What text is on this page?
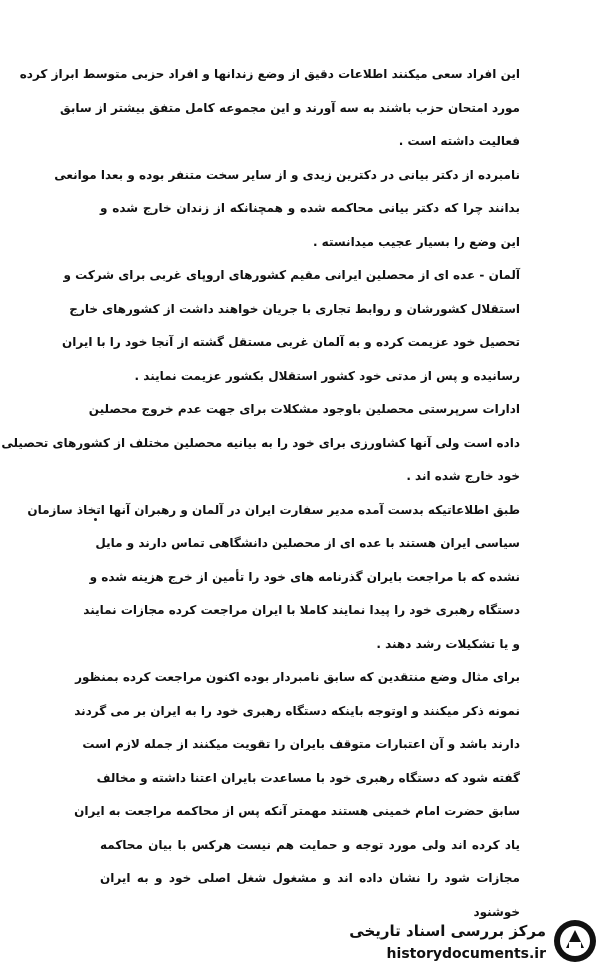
این افراد سعی میکنند اطلاعات دقیق از وضع زندانها و افراد حزبی متوسط ابراز کرده
مورد امتحان حزب باشند به سه آورند و این مجموعه کامل متفق بیشتر از سابق
فعالیت داشته است .
نامبرده از دکتر بیانی در دکترین زیدی و از سایر سخت متنفر بوده و بعدا موانعی
بدانند چرا که دکتر بیانی محاکمه شده و همچنانکه از زندان خارج شده و
این وضع را بسیار عجیب میدانسته .
آلمان - عده ای از محصلین ایرانی مقیم کشورهای اروپای غربی برای شرکت و
استقلال کشورشان و روابط تجاری با جریان خواهند داشت از کشورهای خارج
تحصیل خود عزیمت کرده و به آلمان غربی مستقل گشته از آنجا خود را با ایران
رسانیده و پس از مدتی خود کشور استقلال بکشور عزیمت نمایند .
ادارات سرپرستی محصلین باوجود مشکلات برای جهت عدم خروج محصلین
داده است ولی آنها کشاورزی برای خود را به بیانیه محصلین مختلف از کشورهای تحصیلی
خود خارج شده اند .
طبق اطلاعاتیکه بدست آمده مدیر سفارت ایران در آلمان و رهبران آنها اتخاذ سازمان
سیاسی ایران هستند با عده ای از محصلین دانشگاهی تماس دارند و مایل
نشده که با مراجعت بایران گذرنامه های خود را تأمین از خرج هزینه شده و
دستگاه رهبری خود را پیدا نمایند کاملا با ایران مراجعت کرده مجازات نمایند
و یا تشکیلات رشد دهند .
برای مثال وضع منتقدین که سابق نامبردار بوده اکنون مراجعت کرده بمنظور
نمونه ذکر میکنند و اوتوجه باینکه دستگاه رهبری خود را به ایران بر می گردند
دارند باشد و آن اعتبارات متوقف بایران را تقویت میکنند از جمله لازم است
گفته شود که دستگاه رهبری خود با مساعدت بایران اعتنا داشته و مخالف
سابق حضرت امام خمینی هستند مهمتر آنکه پس از محاکمه مراجعت به ایران
یاد کرده اند ولی مورد توجه و حمایت هم نیست هرکس با بیان محاکمه
مجازات شود را نشان داده اند و مشغول شغل اصلی خود و به ایران
خوشنود
مرکز بررسی اسناد تاریخی
historydocuments.ir
